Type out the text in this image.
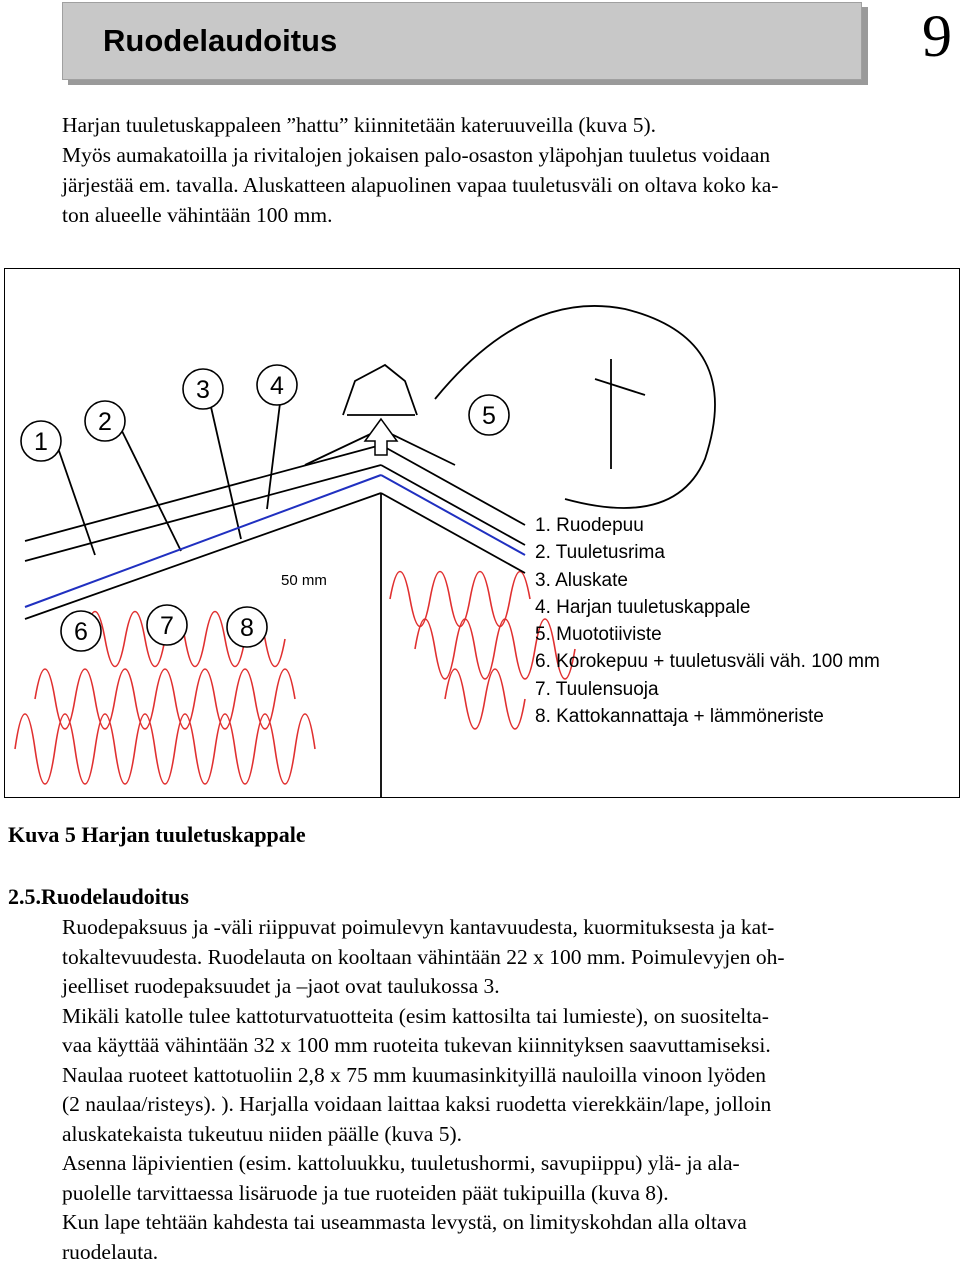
Ruodelaudoitus	9
Harjan tuuletuskappaleen ”hattu” kiinnitetään kateruuveilla (kuva 5).
Myös aumakatoilla ja rivitalojen jokaisen palo-osaston yläpohjan tuuletus voidaan
järjestää em. tavalla. Aluskatteen alapuolinen vapaa tuuletusväli on oltava koko ka-
ton alueelle vähintään 100 mm.
1
2
3 4
5
6	7	8
50 mm
1. Ruodepuu
2. Tuuletusrima
3. Aluskate
4. Harjan tuuletuskappale
5. Muototiiviste
6. Korokepuu + tuuletusväli väh. 100 mm
7. Tuulensuoja
8. Kattokannattaja + lämmöneriste
Kuva 5 Harjan tuuletuskappale
2.5.Ruodelaudoitus
Ruodepaksuus ja -väli riippuvat poimulevyn kantavuudesta, kuormituksesta ja kat-
tokaltevuudesta. Ruodelauta on kooltaan vähintään 22 x 100 mm. Poimulevyjen oh-
jeelliset ruodepaksuudet ja –jaot ovat taulukossa 3.
Mikäli katolle tulee kattoturvatuotteita (esim kattosilta tai lumieste), on suositelta-
vaa käyttää vähintään 32 x 100 mm ruoteita tukevan kiinnityksen saavuttamiseksi.
Naulaa ruoteet kattotuoliin 2,8 x 75 mm kuumasinkityillä nauloilla vinoon lyöden
(2 naulaa/risteys). ). Harjalla voidaan laittaa kaksi ruodetta vierekkäin/lape, jolloin
aluskatekaista tukeutuu niiden päälle (kuva 5).
Asenna läpivientien (esim. kattoluukku, tuuletushormi, savupiippu) ylä- ja ala-
puolelle tarvittaessa lisäruode ja tue ruoteiden päät tukipuilla (kuva 8).
Kun lape tehtään kahdesta tai useammasta levystä, on limityskohdan alla oltava
ruodelauta.
